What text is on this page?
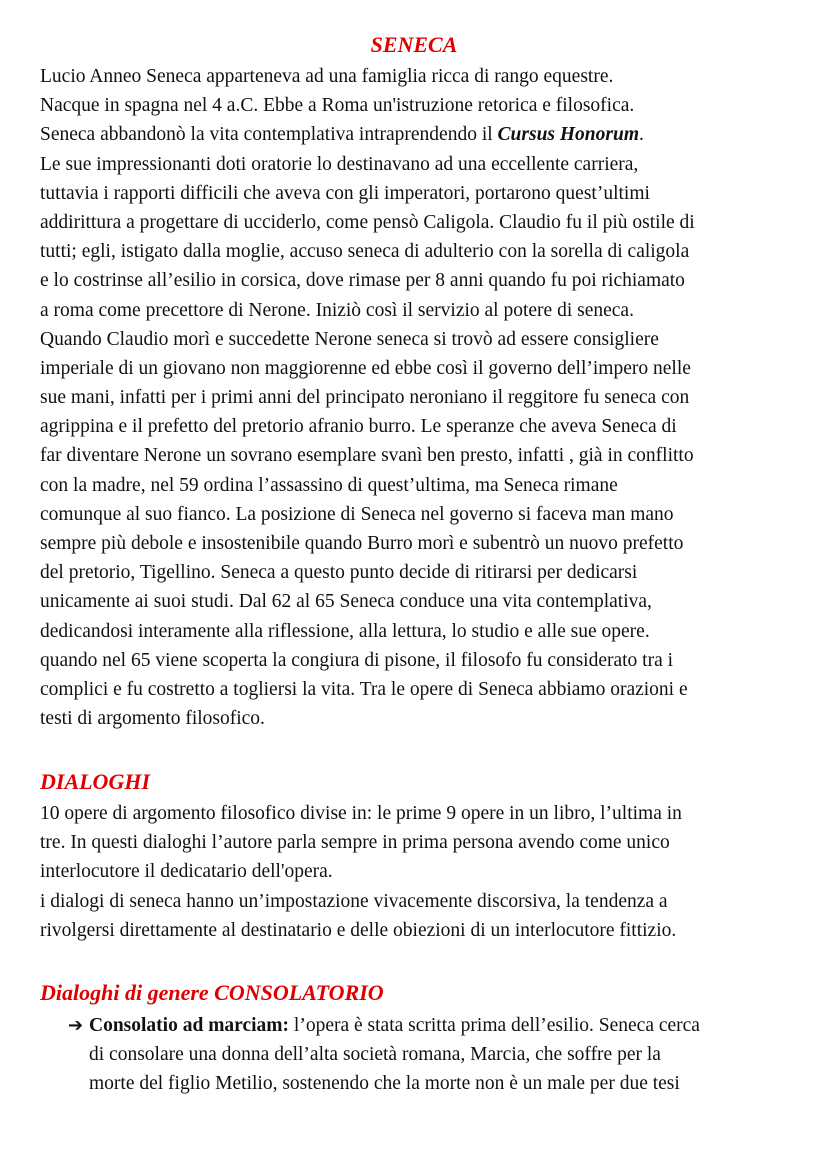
SENECA
Lucio Anneo Seneca apparteneva ad una famiglia ricca di rango equestre.
Nacque in spagna nel 4 a.C. Ebbe a Roma un'istruzione retorica e filosofica.
Seneca abbandonò la vita contemplativa intraprendendo il Cursus Honorum.
Le sue impressionanti doti oratorie lo destinavano ad una eccellente carriera,
tuttavia i rapporti difficili che aveva con gli imperatori, portarono quest’ultimi
addirittura a progettare di ucciderlo, come pensò Caligola. Claudio fu il più ostile di
tutti; egli, istigato dalla moglie, accuso seneca di adulterio con la sorella di caligola
e lo costrinse all’esilio in corsica, dove rimase per 8 anni quando fu poi richiamato
a roma come precettore di Nerone. Iniziò così il servizio al potere di seneca.
Quando Claudio morì e succedette Nerone seneca si trovò ad essere consigliere
imperiale di un giovano non maggiorenne ed ebbe così il governo dell’impero nelle
sue mani, infatti per i primi anni del principato neroniano il reggitore fu seneca con
agrippina e il prefetto del pretorio afranio burro. Le speranze che aveva Seneca di
far diventare Nerone un sovrano esemplare svanì ben presto, infatti , già in conflitto
con la madre, nel 59 ordina l’assassino di quest’ultima, ma Seneca rimane
comunque al suo fianco. La posizione di Seneca nel governo si faceva man mano
sempre più debole e insostenibile quando Burro morì e subentrò un nuovo prefetto
del pretorio, Tigellino. Seneca a questo punto decide di ritirarsi per dedicarsi
unicamente ai suoi studi. Dal 62 al 65 Seneca conduce una vita contemplativa,
dedicandosi interamente alla riflessione, alla lettura, lo studio e alle sue opere.
quando nel 65 viene scoperta la congiura di pisone, il filosofo fu considerato tra i
complici e fu costretto a togliersi la vita. Tra le opere di Seneca abbiamo orazioni e
testi di argomento filosofico.
DIALOGHI
10 opere di argomento filosofico divise in: le prime 9 opere in un libro, l’ultima in
tre. In questi dialoghi l’autore parla sempre in prima persona avendo come unico
interlocutore il dedicatario dell'opera.
i dialogi di seneca hanno un’impostazione vivacemente discorsiva, la tendenza a
rivolgersi direttamente al destinatario e delle obiezioni di un interlocutore fittizio.
Dialoghi di genere CONSOLATORIO
➔ Consolatio ad marciam: l’opera è stata scritta prima dell’esilio. Seneca cerca
di consolare una donna dell’alta società romana, Marcia, che soffre per la
morte del figlio Metilio, sostenendo che la morte non è un male per due tesi
